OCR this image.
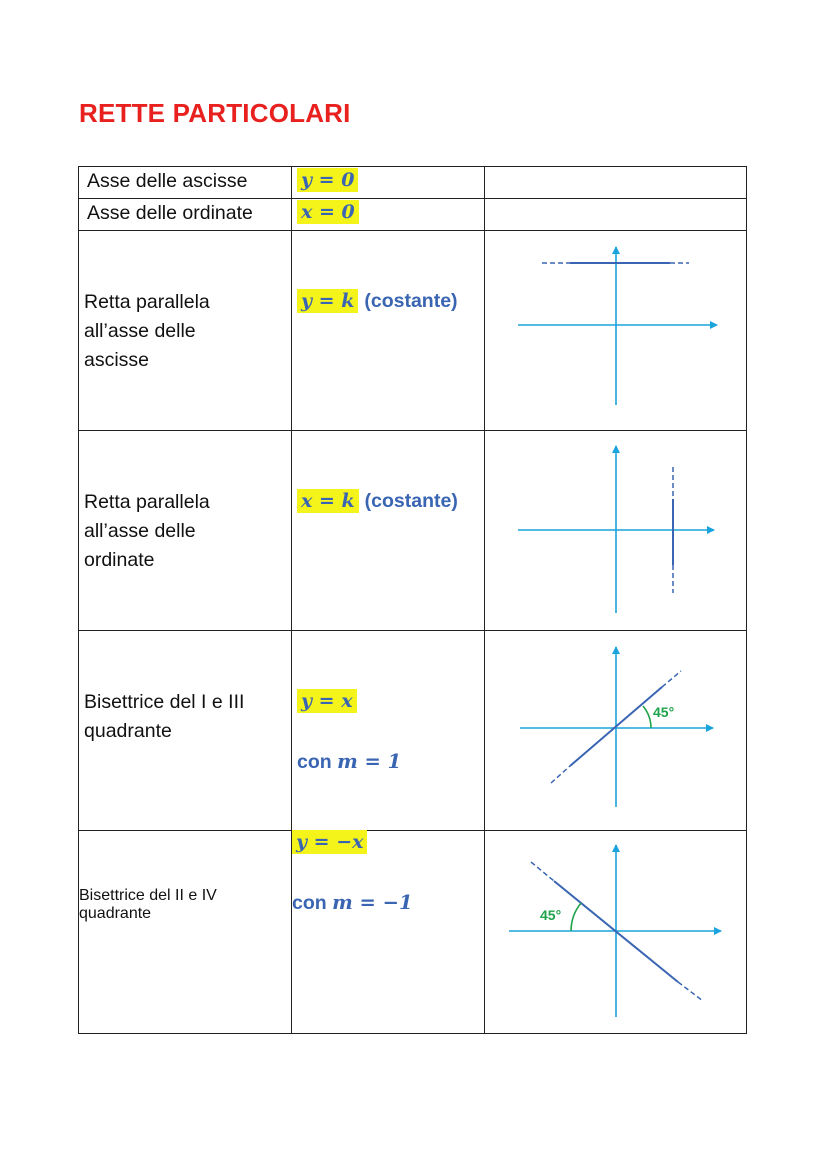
RETTE PARTICOLARI
Asse delle ascisse	y = 0	

Asse delle ordinate	x = 0	

Retta parallela
all’asse delle
ascisse	y = k (costante)

Retta parallela
all’asse delle
ordinate	x = k (costante)

Bisettrice del I e III
quadrante	y = x
con m = 1	45°

Bisettrice del II e IV quadrante	y = −x
con m = −1	45°
